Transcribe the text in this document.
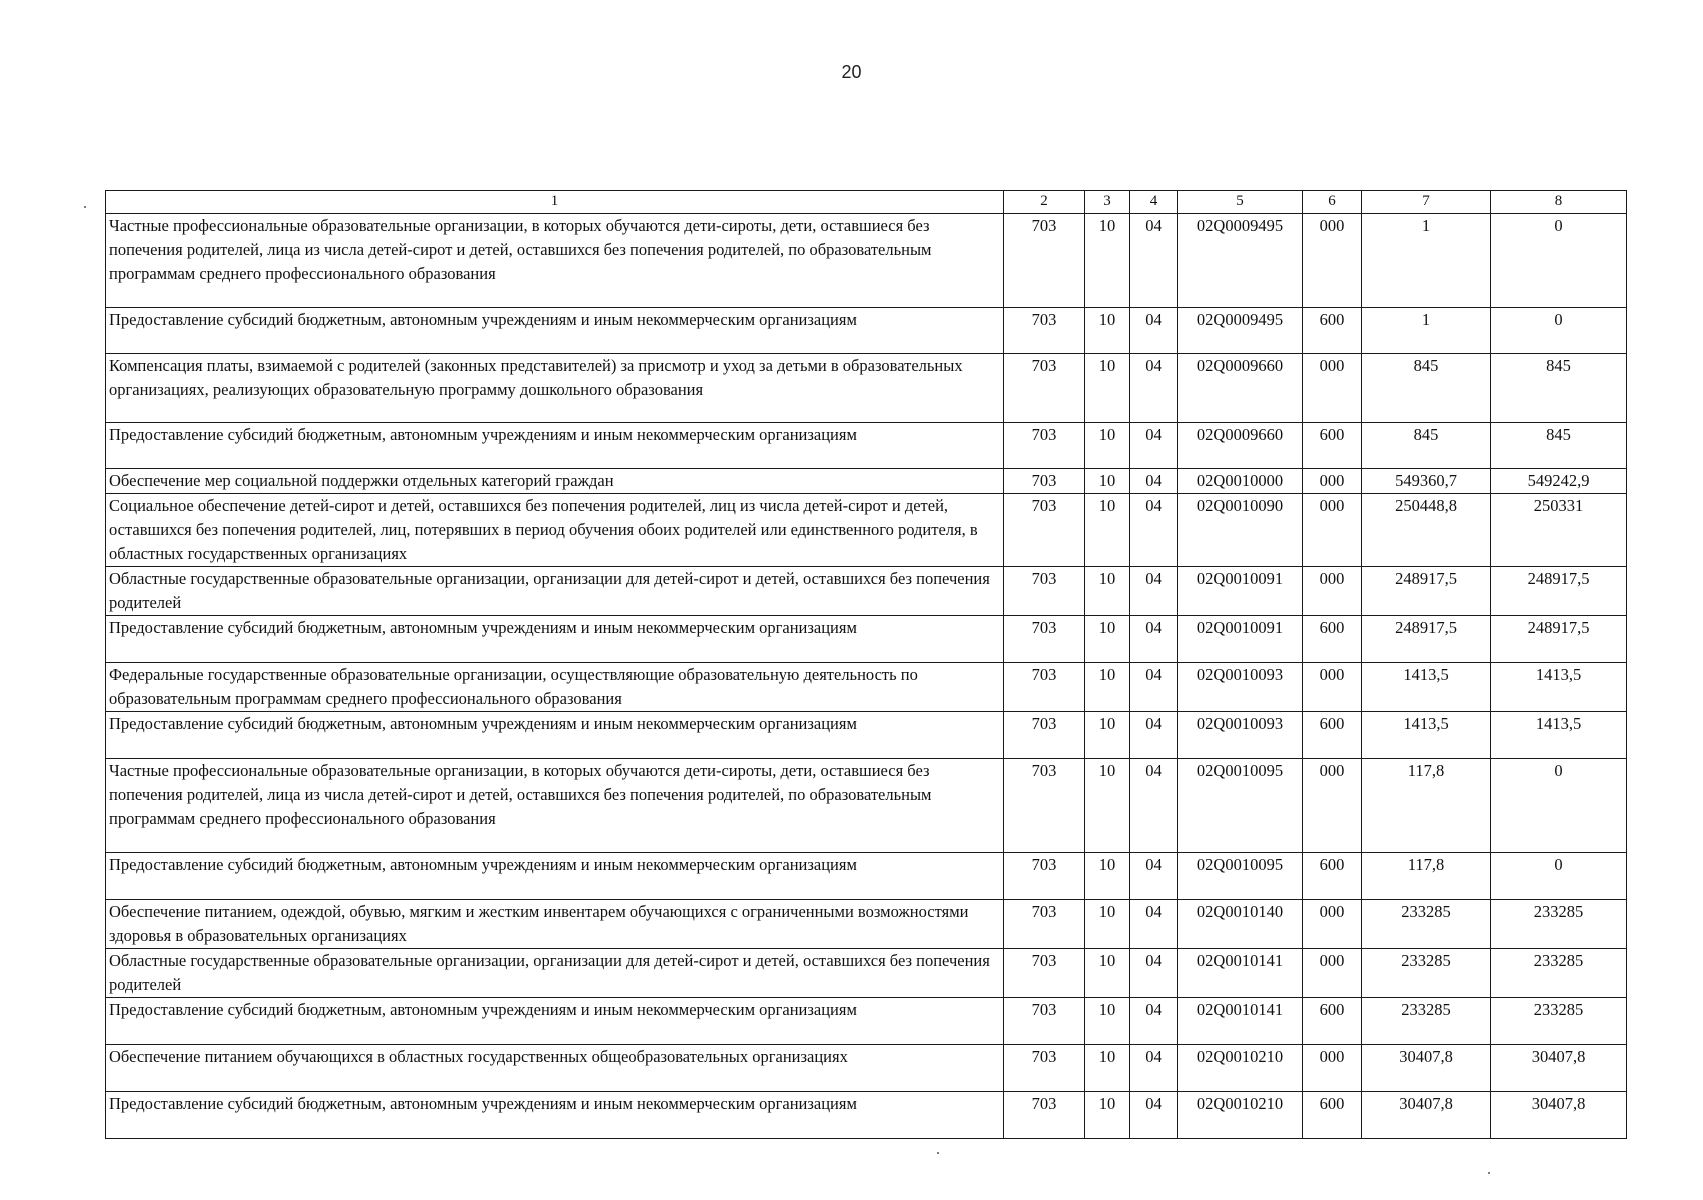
20
1	2	3	4	5	6	7	8
Частные профессиональные образовательные организации, в которых обучаются дети-сироты, дети, оставшиеся без попечения родителей, лица из числа детей-сирот и детей, оставшихся без попечения родителей, по образовательным программам среднего профессионального образования	703	10	04	02Q0009495	000	1	0
Предоставление субсидий бюджетным, автономным учреждениям и иным некоммерческим организациям	703	10	04	02Q0009495	600	1	0
Компенсация платы, взимаемой с родителей (законных представителей) за присмотр и уход за детьми в образовательных организациях, реализующих образовательную программу дошкольного образования	703	10	04	02Q0009660	000	845	845
Предоставление субсидий бюджетным, автономным учреждениям и иным некоммерческим организациям	703	10	04	02Q0009660	600	845	845
Обеспечение мер социальной поддержки отдельных категорий граждан	703	10	04	02Q0010000	000	549360,7	549242,9
Социальное обеспечение детей-сирот и детей, оставшихся без попечения родителей, лиц из числа детей-сирот и детей, оставшихся без попечения родителей, лиц, потерявших в период обучения обоих родителей или единственного родителя, в областных государственных организациях	703	10	04	02Q0010090	000	250448,8	250331
Областные государственные образовательные организации, организации для детей-сирот и детей, оставшихся без попечения родителей	703	10	04	02Q0010091	000	248917,5	248917,5
Предоставление субсидий бюджетным, автономным учреждениям и иным некоммерческим организациям	703	10	04	02Q0010091	600	248917,5	248917,5
Федеральные государственные образовательные организации, осуществляющие образовательную деятельность по образовательным программам среднего профессионального образования	703	10	04	02Q0010093	000	1413,5	1413,5
Предоставление субсидий бюджетным, автономным учреждениям и иным некоммерческим организациям	703	10	04	02Q0010093	600	1413,5	1413,5
Частные профессиональные образовательные организации, в которых обучаются дети-сироты, дети, оставшиеся без попечения родителей, лица из числа детей-сирот и детей, оставшихся без попечения родителей, по образовательным программам среднего профессионального образования	703	10	04	02Q0010095	000	117,8	0
Предоставление субсидий бюджетным, автономным учреждениям и иным некоммерческим организациям	703	10	04	02Q0010095	600	117,8	0
Обеспечение питанием, одеждой, обувью, мягким и жестким инвентарем обучающихся с ограниченными возможностями здоровья в образовательных организациях	703	10	04	02Q0010140	000	233285	233285
Областные государственные образовательные организации, организации для детей-сирот и детей, оставшихся без попечения родителей	703	10	04	02Q0010141	000	233285	233285
Предоставление субсидий бюджетным, автономным учреждениям и иным некоммерческим организациям	703	10	04	02Q0010141	600	233285	233285
Обеспечение питанием обучающихся в областных государственных общеобразовательных организациях	703	10	04	02Q0010210	000	30407,8	30407,8
Предоставление субсидий бюджетным, автономным учреждениям и иным некоммерческим организациям	703	10	04	02Q0010210	600	30407,8	30407,8
